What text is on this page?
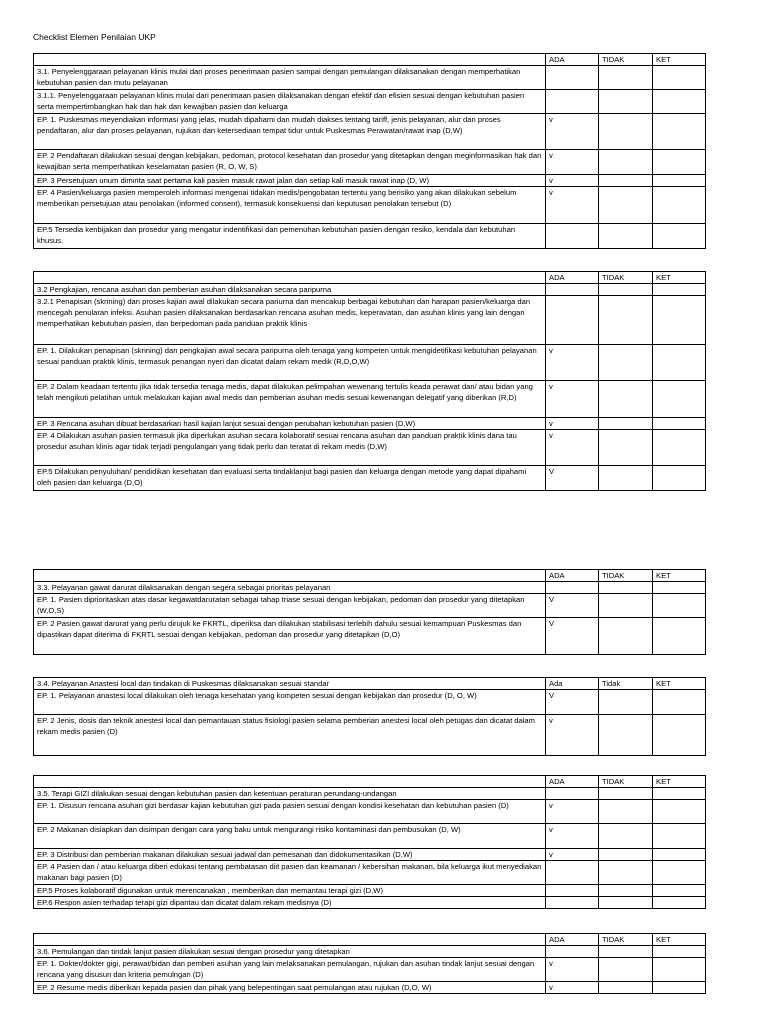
Checklist Elemen Penilaian UKP
	ADA	TIDAK	KET
3.1. Penyelenggaraan pelayanan klinis mulai dari proses penerimaan pasien sampai dengan pemulangan dilaksanakan dengan memperhatikan kebutuhan pasien dan mutu pelayanan			
3.1.1. Penyelenggaraan pelayanan klinis mulai dari penerimaan pasien dilaksanakan dengan efektif dan efisien sesuai dengan kebutuhan pasien serta mempertimbangkan hak dan hak dan kewajiban pasien dan keluarga			
EP. 1. Puskesmas meyendiakan informasi yang jelas, mudah dipahami dan mudah diakses tentang tariff, jenis pelayanan, alur dan proses pendaftaran, alur dan proses pelayanan, rujukan dan ketersediaan tempat tidur untuk Puskesmas Perawatan/rawat inap (D,W)	v		
EP. 2 Pendaftaran dilakukan sesuai dengan kebijakan, pedoman, protocol kesehatan dan prosedur yang ditetapkan dengan meginformasikan hak dan kewajiban serta memperhatikan keselamatan pasien (R, O, W, S)	v		
EP. 3 Persetujuan unum diminta saat pertama kali pasien masuk rawat jalan dan setiap kali masuk rawat inap (D, W)	v		
EP. 4 Pasien/keluarga pasien memperoleh informasi mengenai tidakan medis/pengobatan tertentu yang berisiko yang akan dilakukan sebelum memberikan persetujuan atau penolakan (informed consent), termasuk konsekuensi dari keputusan penolakan tersebut (D)	v		
EP.5 Tersedia kenbijakan dan prosedur yang mengatur indentifikasi dan pemenuhan kebutuhan pasien dengan resiko, kendala dan kebutuhan khusus.			
	ADA	TIDAK	KET
3.2 Pengkajian, rencana asuhan dan pemberian asuhan dilaksanakan secara paripurna			
3.2.1 Penapisan (skrining) dan proses kajian awal dilakukan secara pariurna dan mencakup berbagai kebutuhan dan harapan pasien/keluarga dan mencegah penularan infeksi. Asuhan pasien dilaksanakan berdasarkan rencana asuhan medis, keperavatan, dan asuhan klinis yang lain dengan memperhatikan kebutuhan pasien, dan berpedoman pada panduan praktik klinis			
EP. 1. Dilakukan penapisan (skrining) dan pengkajian awal secara paripurna oleh tenaga yang kompeten untuk mengidetifikasi kebutuhan pelayanan sesuai panduan praktik klinis, termasuk penangan nyeri dan dicatat dalam rekam medik (R,D,O,W)	v		
EP. 2 Dalam keadaan tertentu jika tidak tersedia tenaga medis, dapat dilakukan pelimpahan wewenang tertulis keada perawat dan/ atau bidan yang telah mengikuti pelatihan untuk melakukan kajian awal medis dan pemberian asuhan medis sesuai kewenangan delegatif yang diberikan (R,D)	v		
EP. 3 Rencana asuhan dibuat berdasarkan hasil kajian lanjut sesuai dengan perubahan kebutuhan pasien (D,W)	v		
EP. 4 Dilakukan asuhan pasien termasuk jika diperlukan asuhan secara kolaboratif sesuai rencana asuhan dan panduan praktik klinis dana tau prosedur asuhan klinis agar tidak terjadi pengulangan yang tidak perlu dan teratat di rekam medis (D,W)	v		
EP.5 Dilakukan penyuluhan/ pendidikan kesehatan dan evaluasi serta tindaklanjut bagi pasien dan keluarga dengan metode yang dapat dipahami oleh pasien dan keluarga (D,O)	V		
	ADA	TIDAK	KET
3.3. Pelayanan gawat darurat dilaksanakan dengan segera sebagai prioritas pelayanan			
EP. 1. Pasien diprioritaskan atas dasar kegawatdaruratan sebagai tahap triase sesuai dengan kebijakan, pedoman dan prosedur yang ditetapkan (W,O,S)	V		
EP. 2 Pasien gawat darurat yang perlu dirujuk ke FKRTL, diperiksa dan dilakukan stabilisasi terlebih dahulu sesuai kemampuan Puskesmas dan dipastikan dapat diterima di FKRTL sesuai dengan kebijakan, pedoman dan prosedur yang ditetapkan (D,O)	V		
3.4. Pelayanan Anastesi local dan tindakan di Puskesmas dilaksanakan sesuai standar	Ada	Tidak	KET
EP. 1. Pelayanan anastesi local dilakukan oleh tenaga kesehatan yang kompeten sesuai dengan kebijakan dan prosedur (D, O, W)	V		
EP. 2 Jenis, dosis dan teknik anestesi local dan pemantauan status fisiologi pasien selama pemberian anestesi local oleh petugas dan dicatat dalam rekam medis pasien (D)	v		
	ADA	TIDAK	KET
3.5. Terapi GIZI dilakukan sesuai dengan kebutuhan pasien dan ketentuan peraturan perundang-undangan			
EP. 1. Disusun rencana asuhan gizi berdasar kajian kebutuhan gizi pada pasien sesuai dengan kondisi kesehatan dan kebutuhan pasien (D)	v		
EP. 2 Makanan disiapkan dan disimpan dengan cara yang baku untuk mengurangi risiko kontaminasi dan pembusukan (D, W)	v		
EP. 3 Distribusi dan pemberian makanan dilakukan sesuai jadwal dan pemesanan dan didokumentasikan (D,W)	v		
EP. 4 Pasien dan / atau keluarga diberi edukasi tentang pembatasan diit pasien dan keamanan / kebersihan makanan, bila keluarga ikut menyediakan makanan bagi pasien (D)			
EP.5 Proses kolaboratif digunakan untuk merencanakan , memberikan dan memantau terapi gizi (D,W)			
EP.6 Respon asien terhadap terapi gizi dipantau dan dicatat dalam rekam medisnya (D)			
	ADA	TIDAK	KET
3.6. Pemulangan dan tindak lanjut pasien dilakukan sesuai dengan prosedur yang ditetapkan			
EP. 1. Dokter/dokter gigi, perawat/bidan dan pemberi asuhan yang lain melaksanakan pemulangan, rujukan dan asuhan tindak lanjut sesuai dengan rencana yang disusun dan kriteria pemulngan (D)	v		
EP. 2 Resume medis diberikan kepada pasien dan pihak yang belepentingan saat pemulangan atau rujukan (D,O, W)	v		
